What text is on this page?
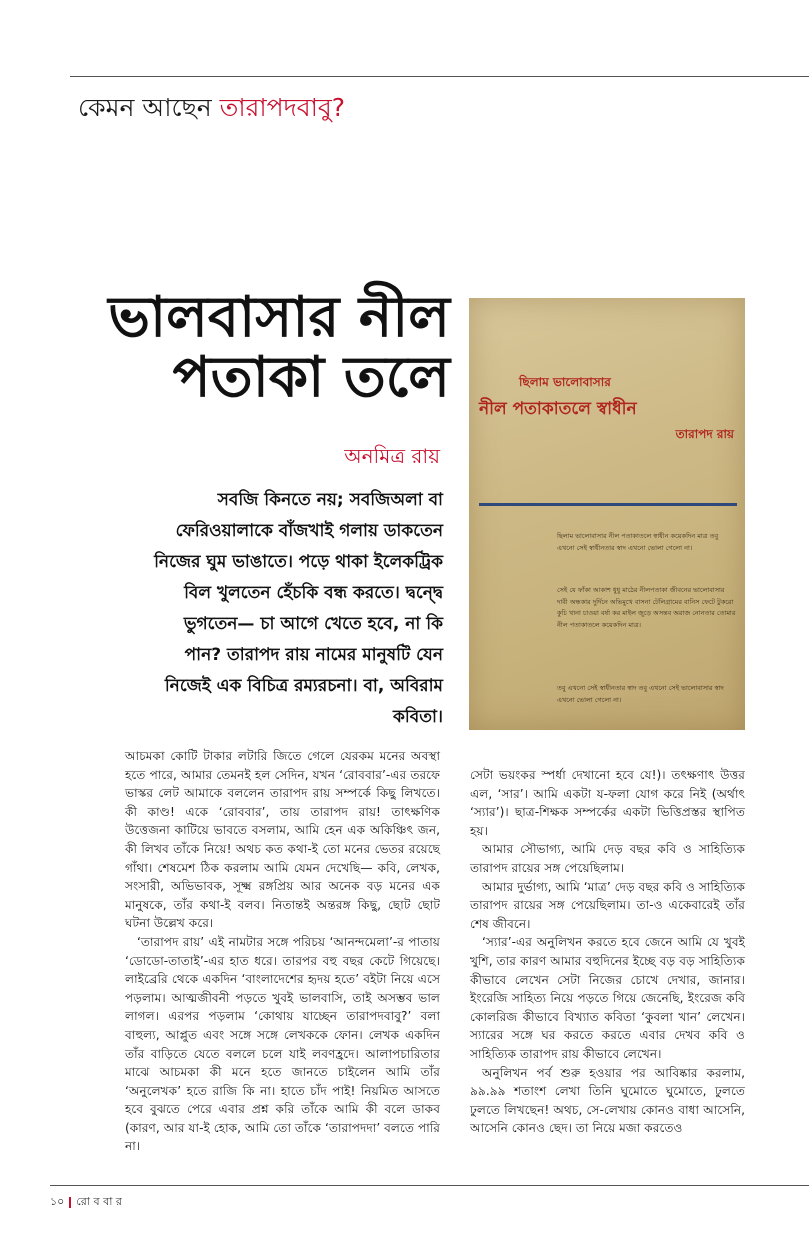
কেমন আছেন তারাপদবাবু?
ভালবাসার নীল
পতাকা তলে
অনমিত্র রায়
সবজি কিনতে নয়; সবজিঅলা বা ফেরিওয়ালাকে বাঁজখাই গলায় ডাকতেন নিজের ঘুম ভাঙাতে। পড়ে থাকা ইলেকট্রিক বিল খুলতেন হেঁচকি বন্ধ করতে। দ্বন্দ্বে ভুগতেন— চা আগে খেতে হবে, না কি পান? তারাপদ রায় নামের মানুষটি যেন নিজেই এক বিচিত্র রম্যরচনা। বা, অবিরাম কবিতা।
ছিলাম ভালোবাসার
নীল পতাকাতলে স্বাধীন
তারাপদ রায়
ছিলাম ভালোবাসার নীল পতাকাতলে স্বাধীন কয়েকদিন মাত্র তবু এখনো সেই স্বাধীনতার স্বাদ এখনো ভোলা গেলো না।
সেই যে ফাঁকা আকাশ ধুধু মাঠের নীলপতাকা জীবনের ভালোবাসার দাবী অন্ধকার দুর্দিনে অভিমুখে বাসনা টেলিগ্রামের বানিস ফেটে টুকরো কুচি খানা চাওয়া বর্ষা কর মাইল জুড়ে অসন্তব অরাজ নোনতার তোমার নীল পতাকাতলে কয়েকদিন মাত্র।
তবু এখনো সেই স্বাধীনতার স্বাদ তবু এখনো সেই ভালোবাসার স্বাদ এখনো ভোলা গেলো না।

আচমকা কোটি টাকার লটারি জিতে গেলে যেরকম মনের অবস্থা হতে পারে, আমার তেমনই হল সেদিন, যখন ‘রোববার’-এর তরফে ভাস্কর লেট আমাকে বললেন তারাপদ রায় সম্পর্কে কিছু লিখতে। কী কাণ্ড! একে ‘রোববার’, তায় তারাপদ রায়! তাৎক্ষণিক উত্তেজনা কাটিয়ে ভাবতে বসলাম, আমি হেন এক অকিঞ্চিৎ জন, কী লিখব তাঁকে নিয়ে! অথচ কত কথা-ই তো মনের ভেতর রয়েছে গাঁথা। শেষমেশ ঠিক করলাম আমি যেমন দেখেছি— কবি, লেখক, সংসারী, অভিভাবক, সূক্ষ্ম রঙ্গপ্রিয় আর অনেক বড় মনের এক মানুষকে, তাঁর কথা-ই বলব। নিতান্তই অন্তরঙ্গ কিছু, ছোট ছোট ঘটনা উল্লেখ করে।

‘তারাপদ রায়’ এই নামটার সঙ্গে পরিচয় ‘আনন্দমেলা’-র পাতায় ‘ডোডো-তাতাই’-এর হাত ধরে। তারপর বহু বছর কেটে গিয়েছে। লাইব্রেরি থেকে একদিন ‘বাংলাদেশের হৃদয় হতে’ বইটা নিয়ে এসে পড়লাম। আত্মজীবনী পড়তে খুবই ভালবাসি, তাই অসম্ভব ভাল লাগল। এরপর পড়লাম ‘কোথায় যাচ্ছেন তারাপদবাবু?’ বলা বাহুল্য, আপ্লুত এবং সঙ্গে সঙ্গে লেখককে ফোন। লেখক একদিন তাঁর বাড়িতে যেতে বললে চলে যাই লবণহ্রদে। আলাপচারিতার মাঝে আচমকা কী মনে হতে জানতে চাইলেন আমি তাঁর ‘অনুলেখক’ হতে রাজি কি না। হাতে চাঁদ পাই! নিয়মিত আসতে হবে বুঝতে পেরে এবার প্রশ্ন করি তাঁকে আমি কী বলে ডাকব (কারণ, আর যা-ই হোক, আমি তো তাঁকে ‘তারাপদদা’ বলতে পারি না।

সেটা ভয়ংকর স্পর্ধা দেখানো হবে যে!)। তৎক্ষণাৎ উত্তর এল, ‘সার’। আমি একটা য-ফলা যোগ করে নিই (অর্থাৎ ‘স্যার’)। ছাত্র-শিক্ষক সম্পর্কের একটা ভিত্তিপ্রস্তর স্থাপিত হয়।

আমার সৌভাগ্য, আমি দেড় বছর কবি ও সাহিত্যিক তারাপদ রায়ের সঙ্গ পেয়েছিলাম।

আমার দুর্ভাগ্য, আমি ‘মাত্র’ দেড় বছর কবি ও সাহিত্যিক তারাপদ রায়ের সঙ্গ পেয়েছিলাম। তা-ও একেবারেই তাঁর শেষ জীবনে।

‘স্যার’-এর অনুলিখন করতে হবে জেনে আমি যে খুবই খুশি, তার কারণ আমার বহুদিনের ইচ্ছে বড় বড় সাহিত্যিক কীভাবে লেখেন সেটা নিজের চোখে দেখার, জানার। ইংরেজি সাহিত্য নিয়ে পড়তে গিয়ে জেনেছি, ইংরেজ কবি কোলরিজ কীভাবে বিখ্যাত কবিতা ‘কুবলা খান’ লেখেন। স্যারের সঙ্গে ঘর করতে করতে এবার দেখব কবি ও সাহিত্যিক তারাপদ রায় কীভাবে লেখেন।

অনুলিখন পর্ব শুরু হওয়ার পর আবিষ্কার করলাম, ৯৯.৯৯ শতাংশ লেখা তিনি ঘুমোতে ঘুমোতে, ঢুলতে ঢুলতে লিখছেন! অথচ, সে-লেখায় কোনও বাধা আসেনি, আসেনি কোনও ছেদ। তা নিয়ে মজা করতেও

১০ রো ব বা র
